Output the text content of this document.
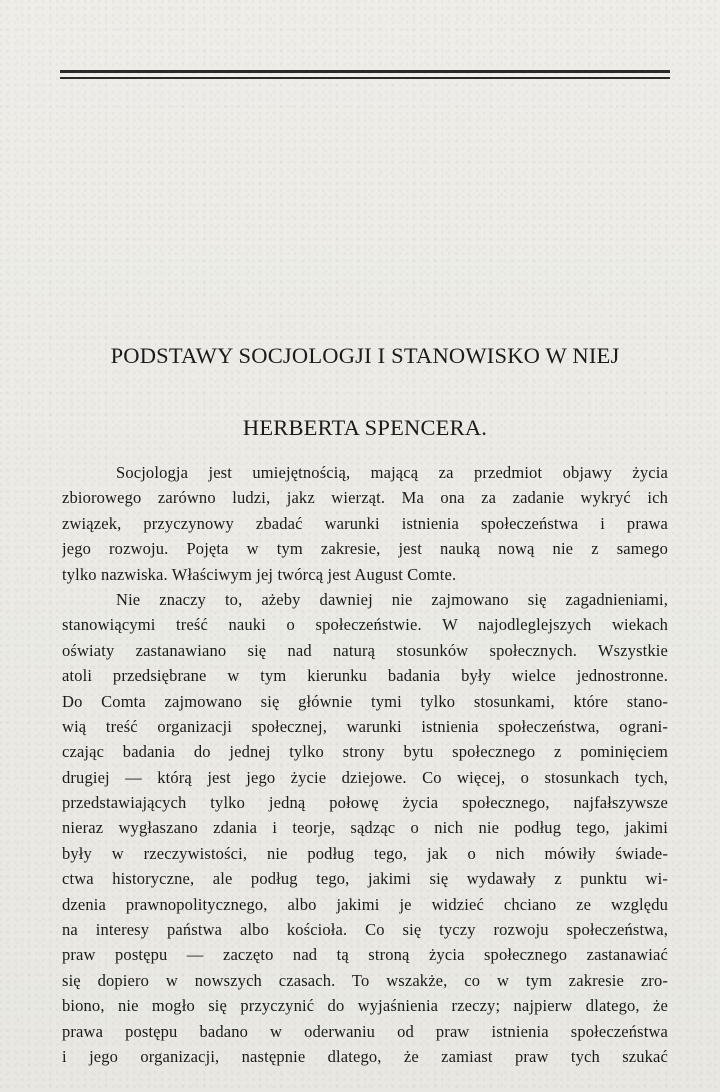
PODSTAWY SOCJOLOGJI I STANOWISKO W NIEJ
HERBERTA SPENCERA.
Socjologja jest umiejętnością, mającą za przedmiot objawy życia
zbiorowego zarówno ludzi, jakz wierząt. Ma ona za zadanie wykryć ich
związek, przyczynowy zbadać warunki istnienia społeczeństwa i prawa
jego rozwoju. Pojęta w tym zakresie, jest nauką nową nie z samego
tylko nazwiska. Właściwym jej twórcą jest August Comte.
Nie znaczy to, ażeby dawniej nie zajmowano się zagadnieniami,
stanowiącymi treść nauki o społeczeństwie. W najodleglejszych wiekach
oświaty zastanawiano się nad naturą stosunków społecznych. Wszystkie
atoli przedsiębrane w tym kierunku badania były wielce jednostronne.
Do Comta zajmowano się głównie tymi tylko stosunkami, które stano-
wią treść organizacji społecznej, warunki istnienia społeczeństwa, ograni-
czając badania do jednej tylko strony bytu społecznego z pominięciem
drugiej — którą jest jego życie dziejowe. Co więcej, o stosunkach tych,
przedstawiających tylko jedną połowę życia społecznego, najfałszywsze
nieraz wygłaszano zdania i teorje, sądząc o nich nie podług tego, jakimi
były w rzeczywistości, nie podług tego, jak o nich mówiły świade-
ctwa historyczne, ale podług tego, jakimi się wydawały z punktu wi-
dzenia prawnopolitycznego, albo jakimi je widzieć chciano ze względu
na interesy państwa albo kościoła. Co się tyczy rozwoju społeczeństwa,
praw postępu — zaczęto nad tą stroną życia społecznego zastanawiać
się dopiero w nowszych czasach. To wszakże, co w tym zakresie zro-
biono, nie mogło się przyczynić do wyjaśnienia rzeczy; najpierw dlatego, że
prawa postępu badano w oderwaniu od praw istnienia społeczeństwa
i jego organizacji, następnie dlatego, że zamiast praw tych szukać
